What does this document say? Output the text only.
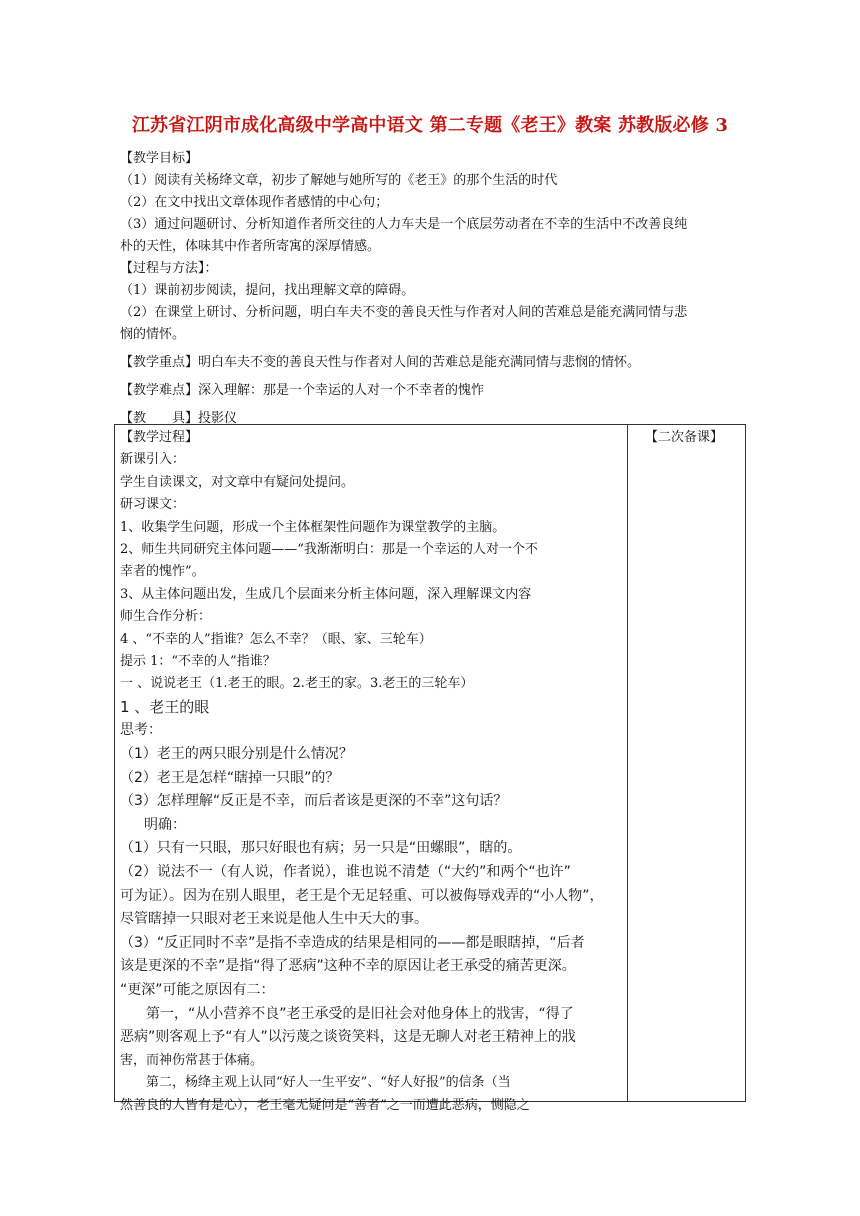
江苏省江阴市成化高级中学高中语文 第二专题《老王》教案 苏教版必修 3

【教学目标】

（1）阅读有关杨绛文章，初步了解她与她所写的《老王》的那个生活的时代

（2）在文中找出文章体现作者感情的中心句；

（3）通过问题研讨、分析知道作者所交往的人力车夫是一个底层劳动者在不幸的生活中不改善良纯

朴的天性，体味其中作者所寄寓的深厚情感。

【过程与方法】：

（1）课前初步阅读，提问，找出理解文章的障碍。

（2）在课堂上研讨、分析问题，明白车夫不变的善良天性与作者对人间的苦难总是能充满同情与悲

悯的情怀。

【教学重点】明白车夫不变的善良天性与作者对人间的苦难总是能充满同情与悲悯的情怀。

【教学难点】深入理解：那是一个幸运的人对一个不幸者的愧怍

【教　　具】投影仪

【教学过程】

新课引入：

学生自读课文，对文章中有疑问处提问。

研习课文：

1、收集学生问题，形成一个主体框架性问题作为课堂教学的主脑。

2、师生共同研究主体问题——“我渐渐明白：那是一个幸运的人对一个不

幸者的愧怍”。

3、从主体问题出发，生成几个层面来分析主体问题，深入理解课文内容

师生合作分析：

4 、“不幸的人”指谁？怎么不幸？（眼、家、三轮车）

提示 1：“不幸的人”指谁？

一 、说说老王（1.老王的眼。2.老王的家。3.老王的三轮车）

1 、老王的眼

思考：

（1）老王的两只眼分别是什么情况？

（2）老王是怎样“瞎掉一只眼”的？

（3）怎样理解“反正是不幸，而后者该是更深的不幸”这句话？

明确：

（1）只有一只眼，那只好眼也有病；另一只是“田螺眼”，瞎的。

（2）说法不一（有人说，作者说），谁也说不清楚（“大约”和两个“也许”

可为证）。因为在别人眼里，老王是个无足轻重、可以被侮辱戏弄的“小人物”，

尽管瞎掉一只眼对老王来说是他人生中天大的事。

（3）“反正同时不幸”是指不幸造成的结果是相同的——都是眼瞎掉，“后者

该是更深的不幸”是指“得了恶病”这种不幸的原因让老王承受的痛苦更深。

“更深”可能之原因有二：

第一，“从小营养不良”老王承受的是旧社会对他身体上的戕害，“得了

恶病”则客观上予“有人”以污蔑之谈资笑料，这是无聊人对老王精神上的戕

害，而神伤常甚于体痛。

第二，杨绛主观上认同“好人一生平安”、“好人好报”的信条（当

然善良的人皆有是心），老王毫无疑问是“善者”之一而遭此恶病，恻隐之

【二次备课】
